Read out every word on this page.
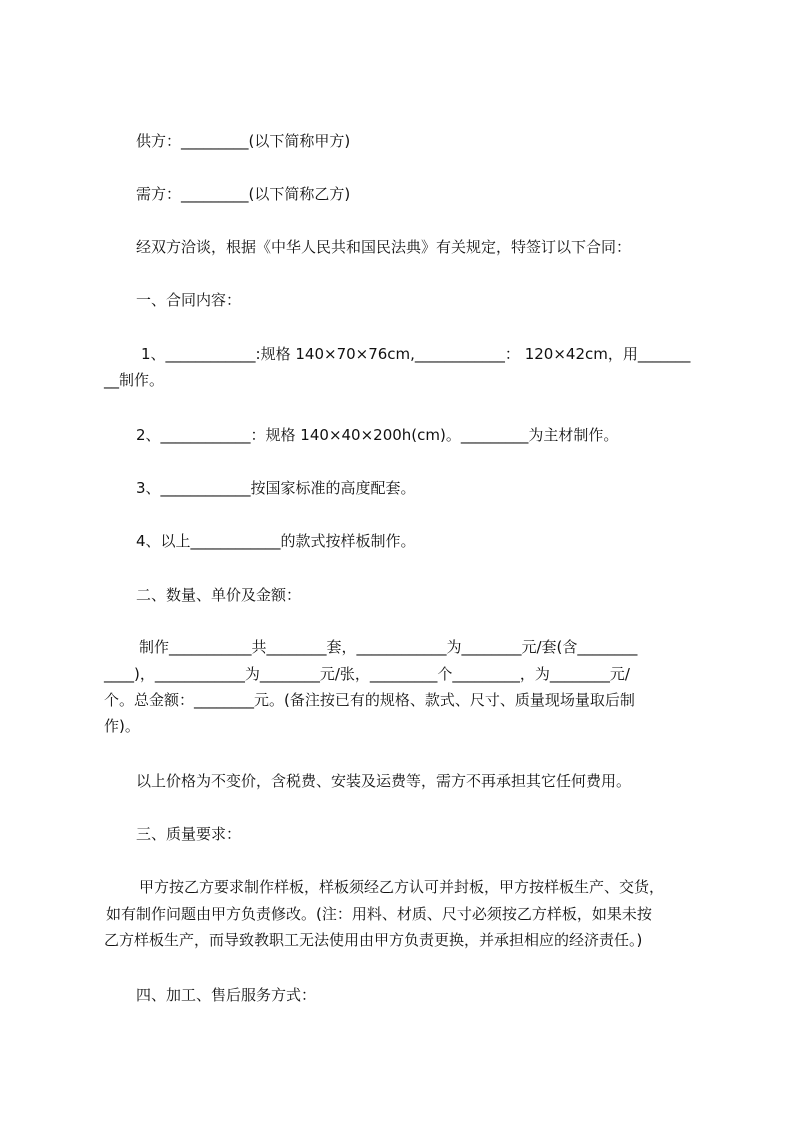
供方：_________(以下简称甲方)
需方：_________(以下简称乙方)
经双方洽谈，根据《中华人民共和国民法典》有关规定，特签订以下合同：
一、合同内容：
1、____________:规格 140×70×76cm,____________： 120×42cm，用_______
__制作。
2、____________：规格 140×40×200h(cm)。_________为主材制作。
3、____________按国家标准的高度配套。
4、以上____________的款式按样板制作。
二、数量、单价及金额：
制作___________共________套，____________为________元/套(含________
____)，____________为________元/张，_________个_________，为________元/
个。总金额：________元。(备注按已有的规格、款式、尺寸、质量现场量取后制
作)。
以上价格为不变价，含税费、安装及运费等，需方不再承担其它任何费用。
三、质量要求：
甲方按乙方要求制作样板，样板须经乙方认可并封板，甲方按样板生产、交货，
如有制作问题由甲方负责修改。(注：用料、材质、尺寸必须按乙方样板，如果未按
乙方样板生产，而导致教职工无法使用由甲方负责更换，并承担相应的经济责任。)
四、加工、售后服务方式：
